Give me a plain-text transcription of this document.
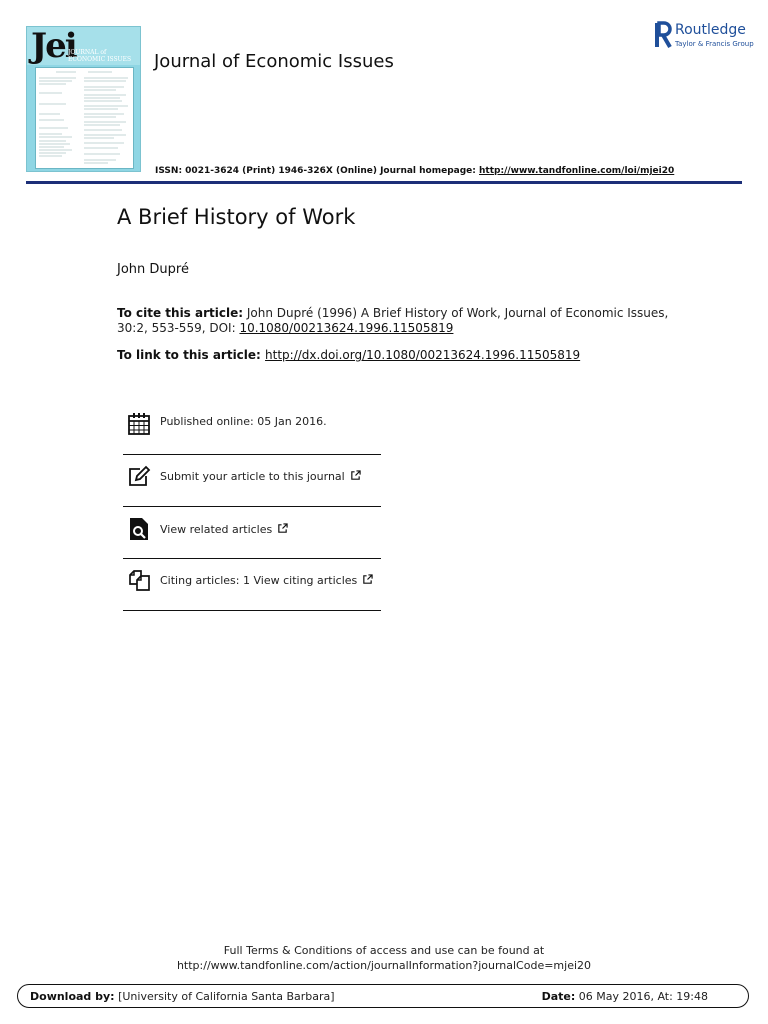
Jei
JOURNAL of
ECONOMIC ISSUES Journal of Economic Issues
Routledge
Taylor & Francis Group
ISSN: 0021-3624 (Print) 1946-326X (Online) Journal homepage: http://www.tandfonline.com/loi/mjei20
A Brief History of Work
John Dupré
To cite this article: John Dupré (1996) A Brief History of Work, Journal of Economic Issues, 30:2, 553-559, DOI: 10.1080/00213624.1996.11505819
To link to this article: http://dx.doi.org/10.1080/00213624.1996.11505819
Published online: 05 Jan 2016.
Submit your article to this journal
View related articles
Citing articles: 1 View citing articles
Full Terms & Conditions of access and use can be found at
http://www.tandfonline.com/action/journalInformation?journalCode=mjei20
Download by: [University of California Santa Barbara]	Date: 06 May 2016, At: 19:48
